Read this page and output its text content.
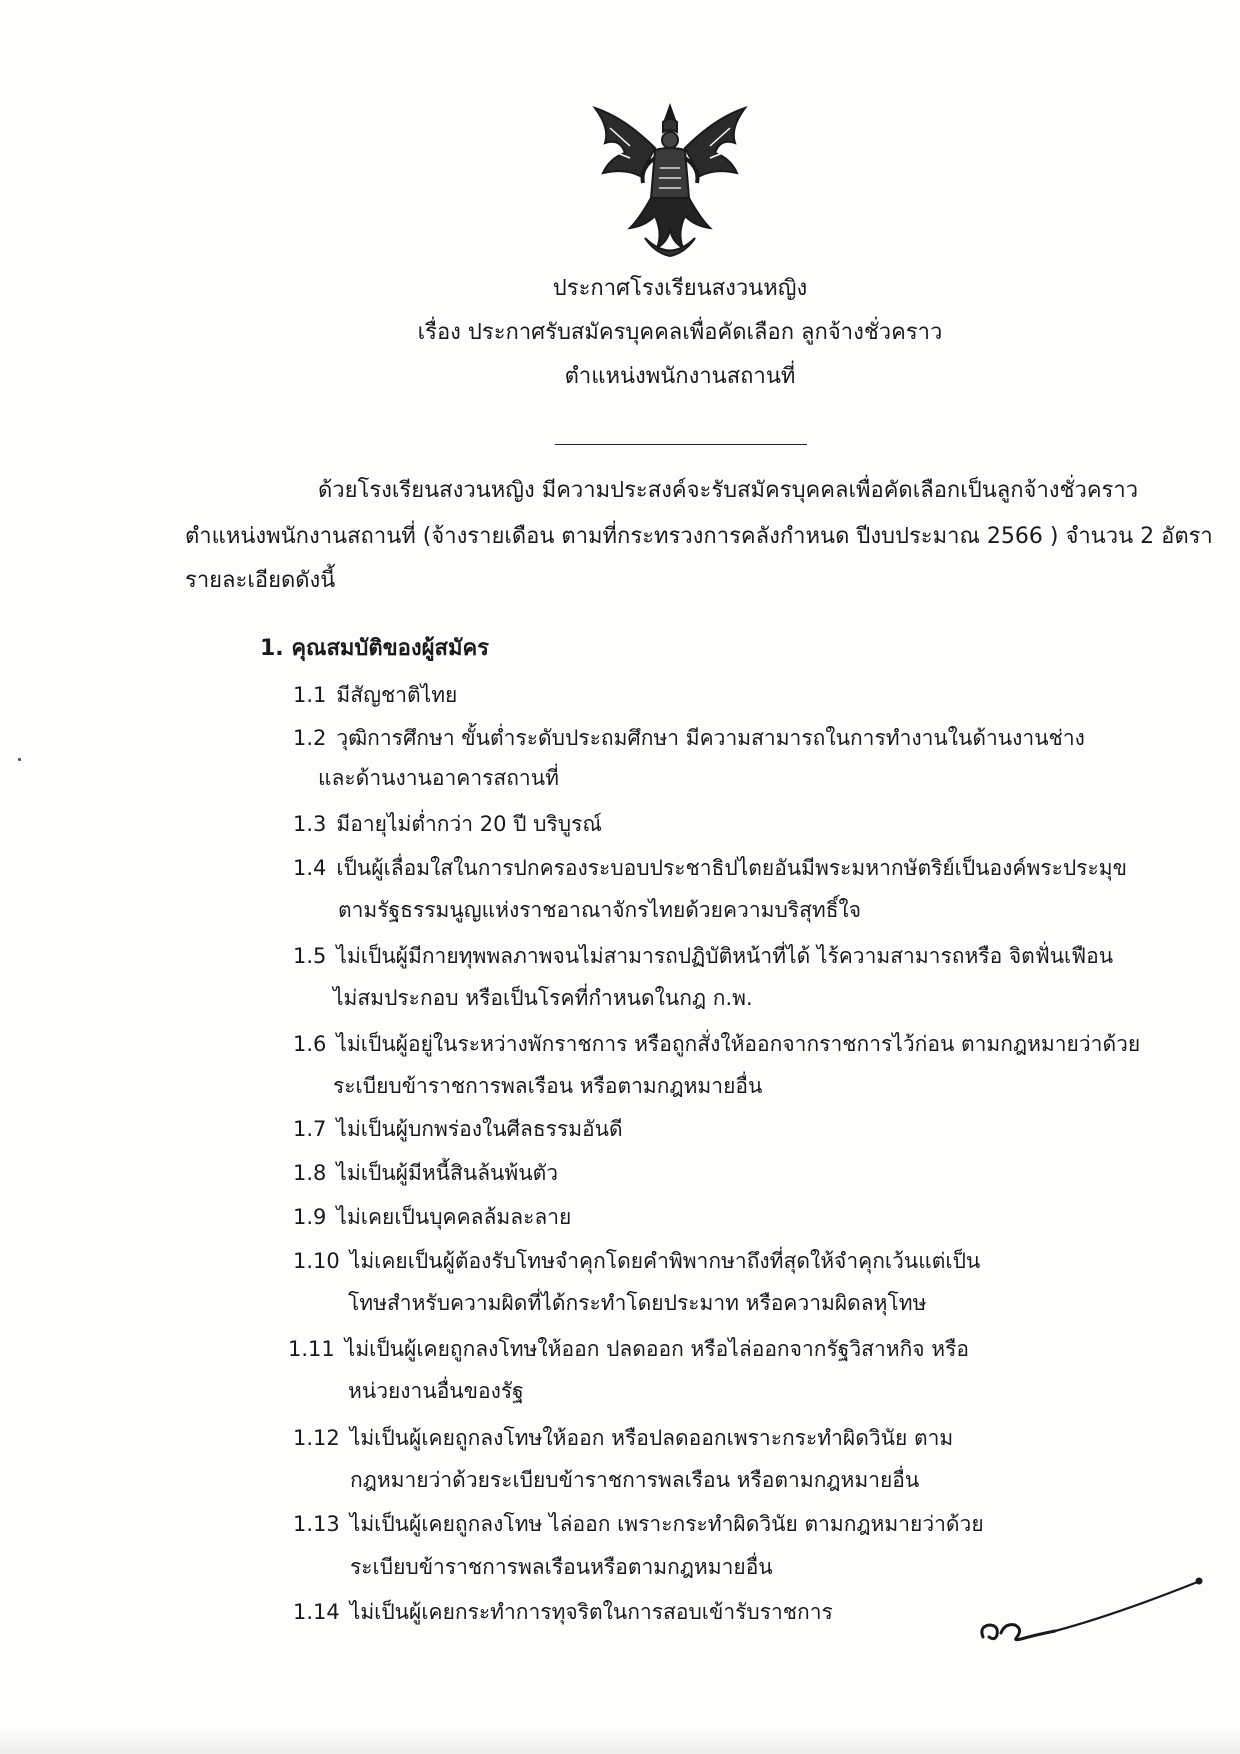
ประกาศโรงเรียนสงวนหญิง
เรื่อง ประกาศรับสมัครบุคคลเพื่อคัดเลือก ลูกจ้างชั่วคราว
ตำแหน่งพนักงานสถานที่
ด้วยโรงเรียนสงวนหญิง มีความประสงค์จะรับสมัครบุคคลเพื่อคัดเลือกเป็นลูกจ้างชั่วคราว
ตำแหน่งพนักงานสถานที่ (จ้างรายเดือน ตามที่กระทรวงการคลังกำหนด ปีงบประมาณ 2566 ) จำนวน 2 อัตรา
รายละเอียดดังนี้
1. คุณสมบัติของผู้สมัคร
1.1 มีสัญชาติไทย
1.2 วุฒิการศึกษา ขั้นต่ำระดับประถมศึกษา มีความสามารถในการทำงานในด้านงานช่าง
และด้านงานอาคารสถานที่
1.3 มีอายุไม่ต่ำกว่า 20 ปี บริบูรณ์
1.4 เป็นผู้เลื่อมใสในการปกครองระบอบประชาธิปไตยอันมีพระมหากษัตริย์เป็นองค์พระประมุข
ตามรัฐธรรมนูญแห่งราชอาณาจักรไทยด้วยความบริสุทธิ์ใจ
1.5 ไม่เป็นผู้มีกายทุพพลภาพจนไม่สามารถปฏิบัติหน้าที่ได้ ไร้ความสามารถหรือ จิตฟั่นเฟือน
ไม่สมประกอบ หรือเป็นโรคที่กำหนดในกฎ ก.พ.
1.6 ไม่เป็นผู้อยู่ในระหว่างพักราชการ หรือถูกสั่งให้ออกจากราชการไว้ก่อน ตามกฎหมายว่าด้วย
ระเบียบข้าราชการพลเรือน หรือตามกฎหมายอื่น
1.7 ไม่เป็นผู้บกพร่องในศีลธรรมอันดี
1.8 ไม่เป็นผู้มีหนี้สินล้นพ้นตัว
1.9 ไม่เคยเป็นบุคคลล้มละลาย
1.10 ไม่เคยเป็นผู้ต้องรับโทษจำคุกโดยคำพิพากษาถึงที่สุดให้จำคุกเว้นแต่เป็น
โทษสำหรับความผิดที่ได้กระทำโดยประมาท หรือความผิดลหุโทษ
1.11 ไม่เป็นผู้เคยถูกลงโทษให้ออก ปลดออก หรือไล่ออกจากรัฐวิสาหกิจ หรือ
หน่วยงานอื่นของรัฐ
1.12 ไม่เป็นผู้เคยถูกลงโทษให้ออก หรือปลดออกเพราะกระทำผิดวินัย ตาม
กฎหมายว่าด้วยระเบียบข้าราชการพลเรือน หรือตามกฎหมายอื่น
1.13 ไม่เป็นผู้เคยถูกลงโทษ ไล่ออก เพราะกระทำผิดวินัย ตามกฎหมายว่าด้วย
ระเบียบข้าราชการพลเรือนหรือตามกฎหมายอื่น
1.14 ไม่เป็นผู้เคยกระทำการทุจริตในการสอบเข้ารับราชการ
